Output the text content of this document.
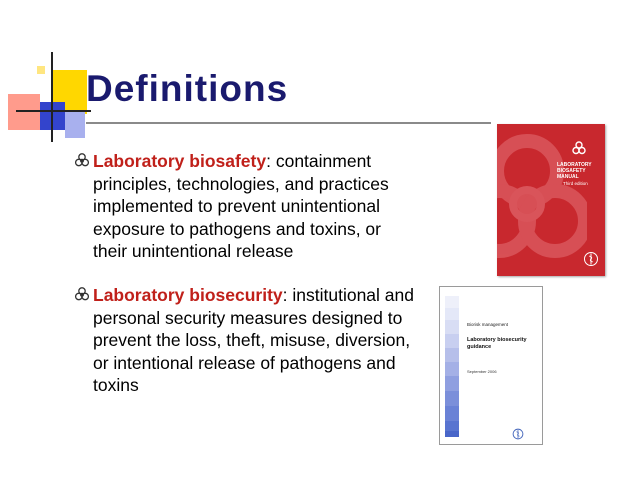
Definitions
Laboratory biosafety: containment principles, technologies, and practices implemented to prevent unintentional exposure to pathogens and toxins, or their unintentional release
Laboratory biosecurity: institutional and personal security measures designed to prevent the loss, theft, misuse, diversion, or intentional release of pathogens and toxins
LABORATORY BIOSAFETY MANUAL
Third edition
Biorisk management
Laboratory biosecurity guidance
September 2006
